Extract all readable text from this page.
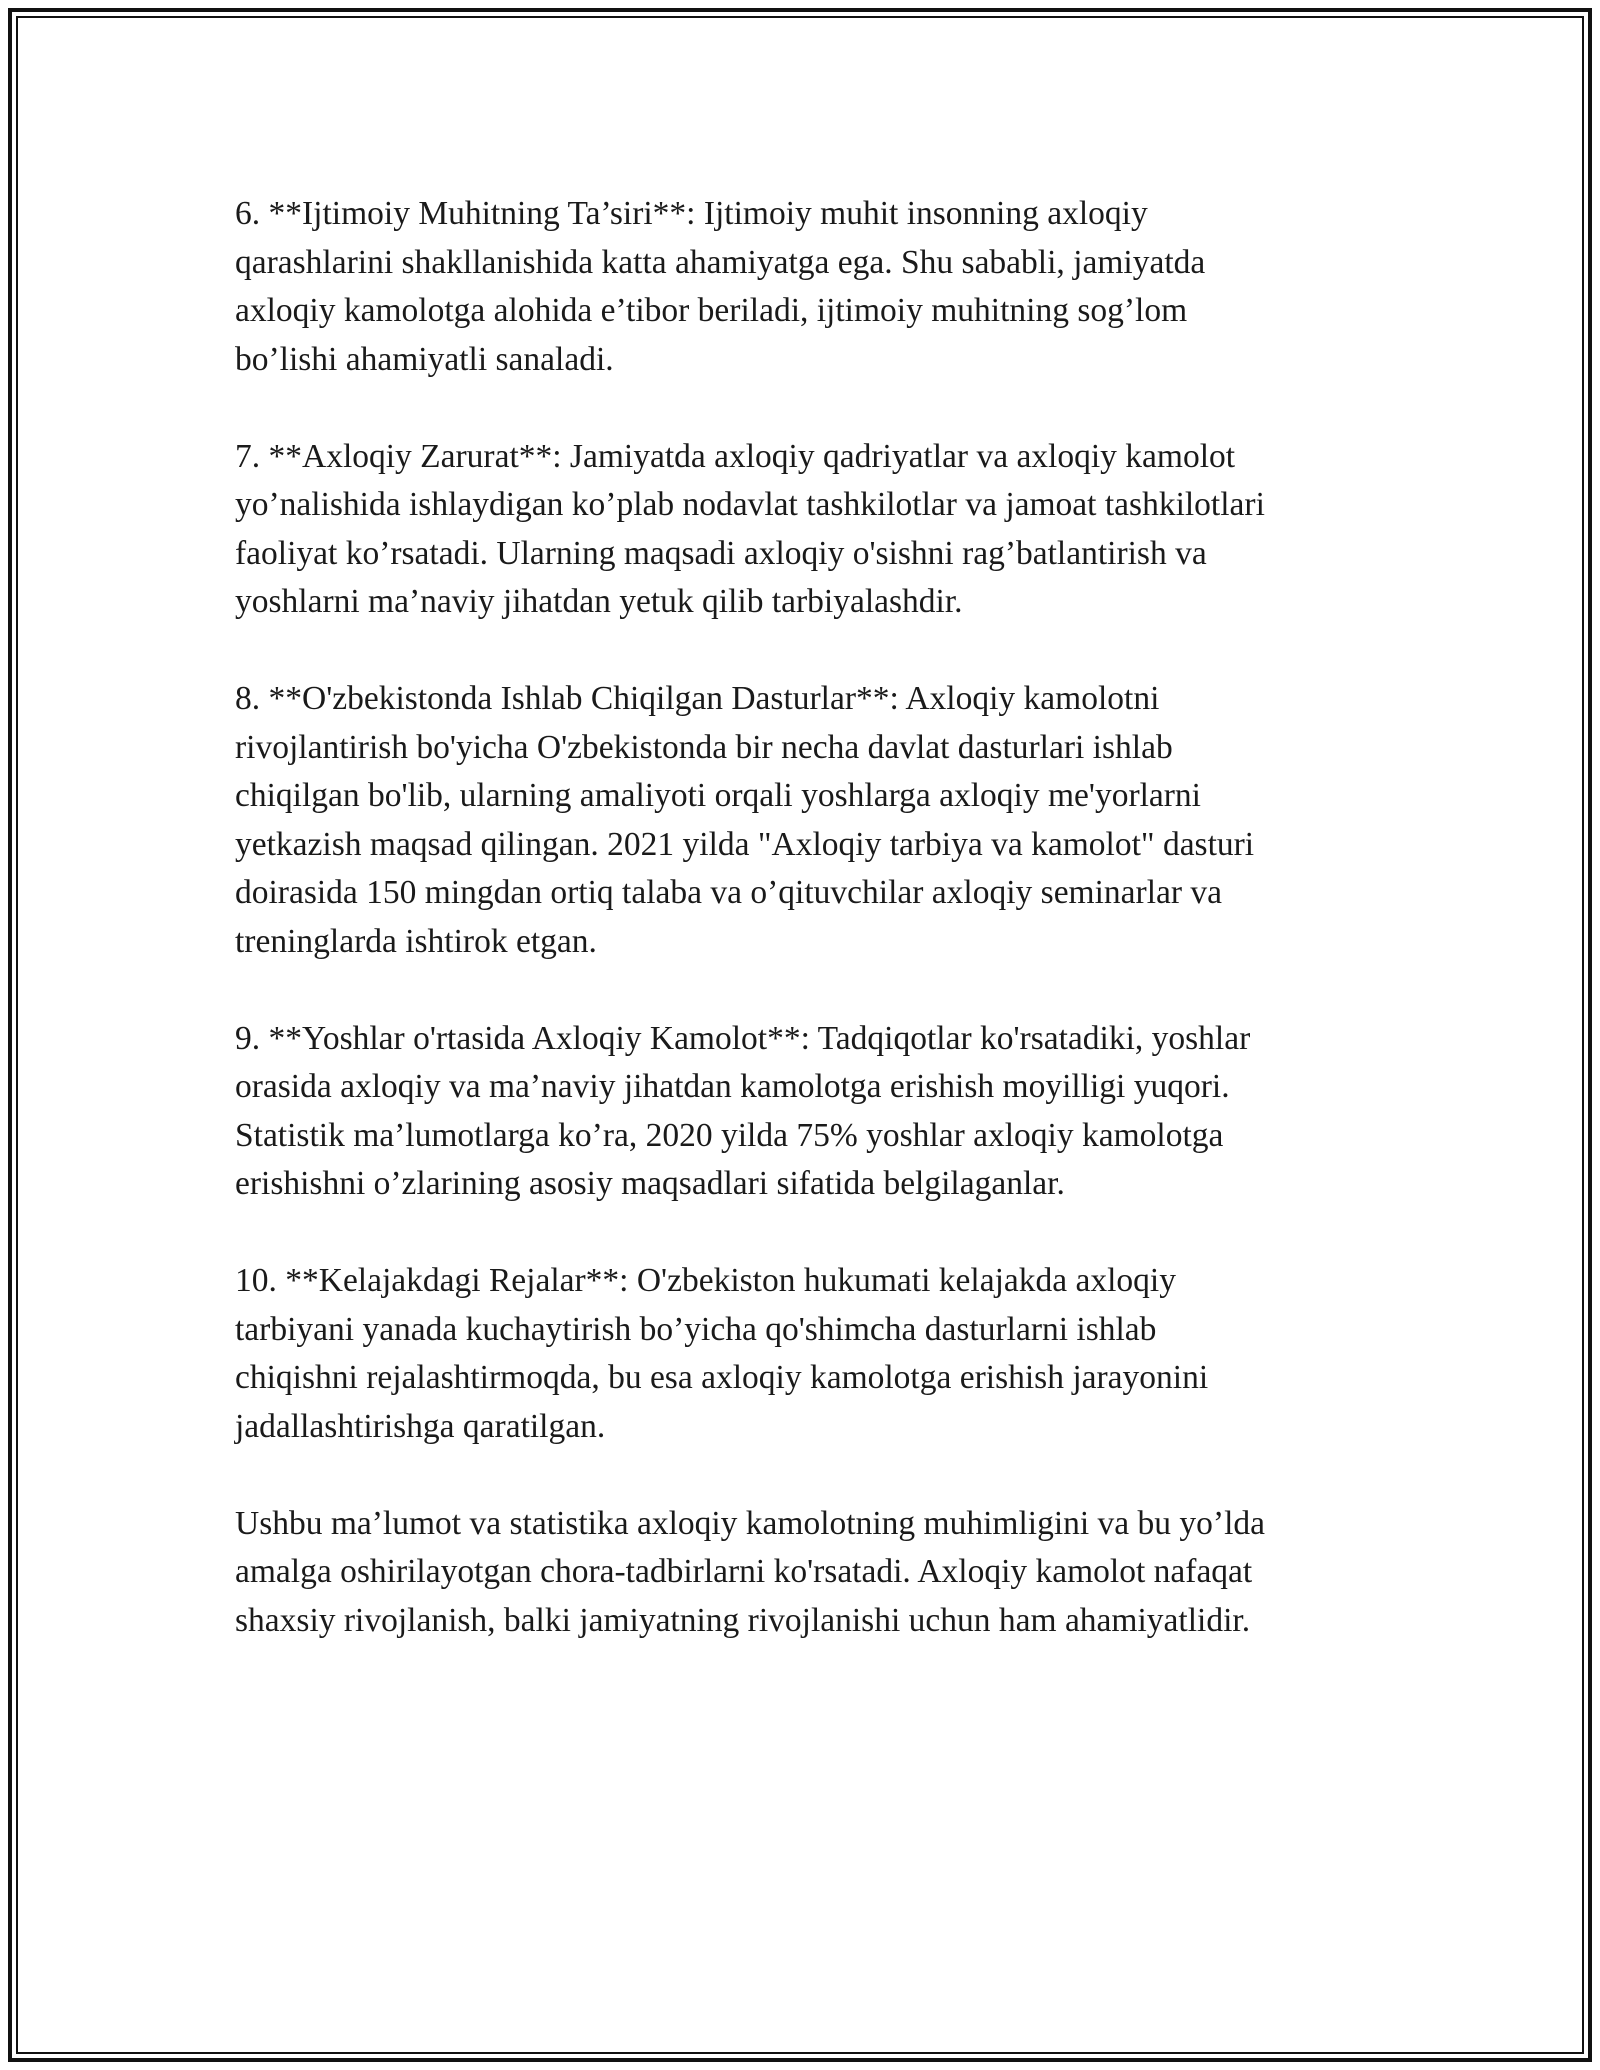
6. **Ijtimoiy Muhitning Ta’siri**: Ijtimoiy muhit insonning axloqiy
qarashlarini shakllanishida katta ahamiyatga ega. Shu sababli, jamiyatda
axloqiy kamolotga alohida e’tibor beriladi, ijtimoiy muhitning sog’lom
bo’lishi ahamiyatli sanaladi.

7. **Axloqiy Zarurat**: Jamiyatda axloqiy qadriyatlar va axloqiy kamolot
yo’nalishida ishlaydigan ko’plab nodavlat tashkilotlar va jamoat tashkilotlari
faoliyat ko’rsatadi. Ularning maqsadi axloqiy o'sishni rag’batlantirish va
yoshlarni ma’naviy jihatdan yetuk qilib tarbiyalashdir.

8. **O'zbekistonda Ishlab Chiqilgan Dasturlar**: Axloqiy kamolotni
rivojlantirish bo'yicha O'zbekistonda bir necha davlat dasturlari ishlab
chiqilgan bo'lib, ularning amaliyoti orqali yoshlarga axloqiy me'yorlarni
yetkazish maqsad qilingan. 2021 yilda "Axloqiy tarbiya va kamolot" dasturi
doirasida 150 mingdan ortiq talaba va o’qituvchilar axloqiy seminarlar va
treninglarda ishtirok etgan.

9. **Yoshlar o'rtasida Axloqiy Kamolot**: Tadqiqotlar ko'rsatadiki, yoshlar
orasida axloqiy va ma’naviy jihatdan kamolotga erishish moyilligi yuqori.
Statistik ma’lumotlarga ko’ra, 2020 yilda 75% yoshlar axloqiy kamolotga
erishishni o’zlarining asosiy maqsadlari sifatida belgilaganlar.

10. **Kelajakdagi Rejalar**: O'zbekiston hukumati kelajakda axloqiy
tarbiyani yanada kuchaytirish bo’yicha qo'shimcha dasturlarni ishlab
chiqishni rejalashtirmoqda, bu esa axloqiy kamolotga erishish jarayonini
jadallashtirishga qaratilgan.

Ushbu ma’lumot va statistika axloqiy kamolotning muhimligini va bu yo’lda
amalga oshirilayotgan chora-tadbirlarni ko'rsatadi. Axloqiy kamolot nafaqat
shaxsiy rivojlanish, balki jamiyatning rivojlanishi uchun ham ahamiyatlidir.
